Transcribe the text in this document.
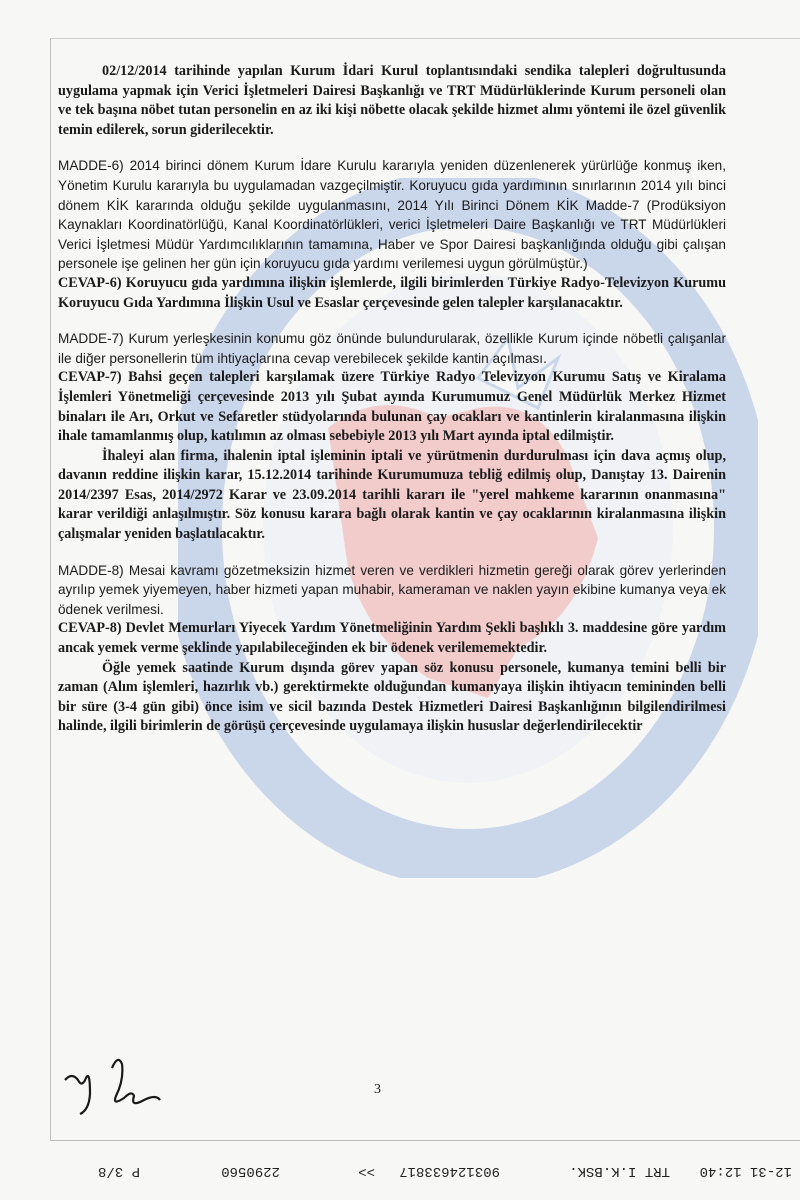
02/12/2014 tarihinde yapılan Kurum İdari Kurul toplantısındaki sendika talepleri doğrultusunda uygulama yapmak için Verici İşletmeleri Dairesi Başkanlığı ve TRT Müdürlüklerinde Kurum personeli olan ve tek başına nöbet tutan personelin en az iki kişi nöbette olacak şekilde hizmet alımı yöntemi ile özel güvenlik temin edilerek, sorun giderilecektir.

MADDE-6) 2014 birinci dönem Kurum İdare Kurulu kararıyla yeniden düzenlenerek yürürlüğe konmuş iken, Yönetim Kurulu kararıyla bu uygulamadan vazgeçilmiştir. Koruyucu gıda yardımının sınırlarının 2014 yılı binci dönem KİK kararında olduğu şekilde uygulanmasını, 2014 Yılı Birinci Dönem KİK Madde-7 (Prodüksiyon Kaynakları Koordinatörlüğü, Kanal Koordinatörlükleri, verici İşletmeleri Daire Başkanlığı ve TRT Müdürlükleri Verici İşletmesi Müdür Yardımcılıklarının tamamına, Haber ve Spor Dairesi başkanlığında olduğu gibi çalışan personele işe gelinen her gün için koruyucu gıda yardımı verilemesi uygun görülmüştür.)

CEVAP-6) Koruyucu gıda yardımına ilişkin işlemlerde, ilgili birimlerden Türkiye Radyo-Televizyon Kurumu Koruyucu Gıda Yardımına İlişkin Usul ve Esaslar çerçevesinde gelen talepler karşılanacaktır.

MADDE-7) Kurum yerleşkesinin konumu göz önünde bulundurularak, özellikle Kurum içinde nöbetli çalışanlar ile diğer personellerin tüm ihtiyaçlarına cevap verebilecek şekilde kantin açılması.

CEVAP-7) Bahsi geçen talepleri karşılamak üzere Türkiye Radyo Televizyon Kurumu Satış ve Kiralama İşlemleri Yönetmeliği çerçevesinde 2013 yılı Şubat ayında Kurumumuz Genel Müdürlük Merkez Hizmet binaları ile Arı, Orkut ve Sefaretler stüdyolarında bulunan çay ocakları ve kantinlerin kiralanmasına ilişkin ihale tamamlanmış olup, katılımın az olması sebebiyle 2013 yılı Mart ayında iptal edilmiştir.

İhaleyi alan firma, ihalenin iptal işleminin iptali ve yürütmenin durdurulması için dava açmış olup, davanın reddine ilişkin karar, 15.12.2014 tarihinde Kurumumuza tebliğ edilmiş olup, Danıştay 13. Dairenin 2014/2397 Esas, 2014/2972 Karar ve 23.09.2014 tarihli kararı ile "yerel mahkeme kararının onanmasına" karar verildiği anlaşılmıştır. Söz konusu karara bağlı olarak kantin ve çay ocaklarının kiralanmasına ilişkin çalışmalar yeniden başlatılacaktır.

MADDE-8) Mesai kavramı gözetmeksizin hizmet veren ve verdikleri hizmetin gereği olarak görev yerlerinden ayrılıp yemek yiyemeyen, haber hizmeti yapan muhabir, kameraman ve naklen yayın ekibine kumanya veya ek ödenek verilmesi.

CEVAP-8) Devlet Memurları Yiyecek Yardım Yönetmeliğinin Yardım Şekli başlıklı 3. maddesine göre yardım ancak yemek verme şeklinde yapılabileceğinden ek bir ödenek verilememektedir.

Öğle yemek saatinde Kurum dışında görev yapan söz konusu personele, kumanya temini belli bir zaman (Alım işlemleri, hazırlık vb.) gerektirmekte olduğundan kumanyaya ilişkin ihtiyacın temininden belli bir süre (3-4 gün gibi) önce isim ve sicil bazında Destek Hizmetleri Dairesi Başkanlığının bilgilendirilmesi halinde, ilgili birimlerin de görüşü çerçevesinde uygulamaya ilişkin hususlar değerlendirilecektir

3
12-31 12:40
TRT I.K.BSK.
903124633817
>>
2290560
P 3/8
